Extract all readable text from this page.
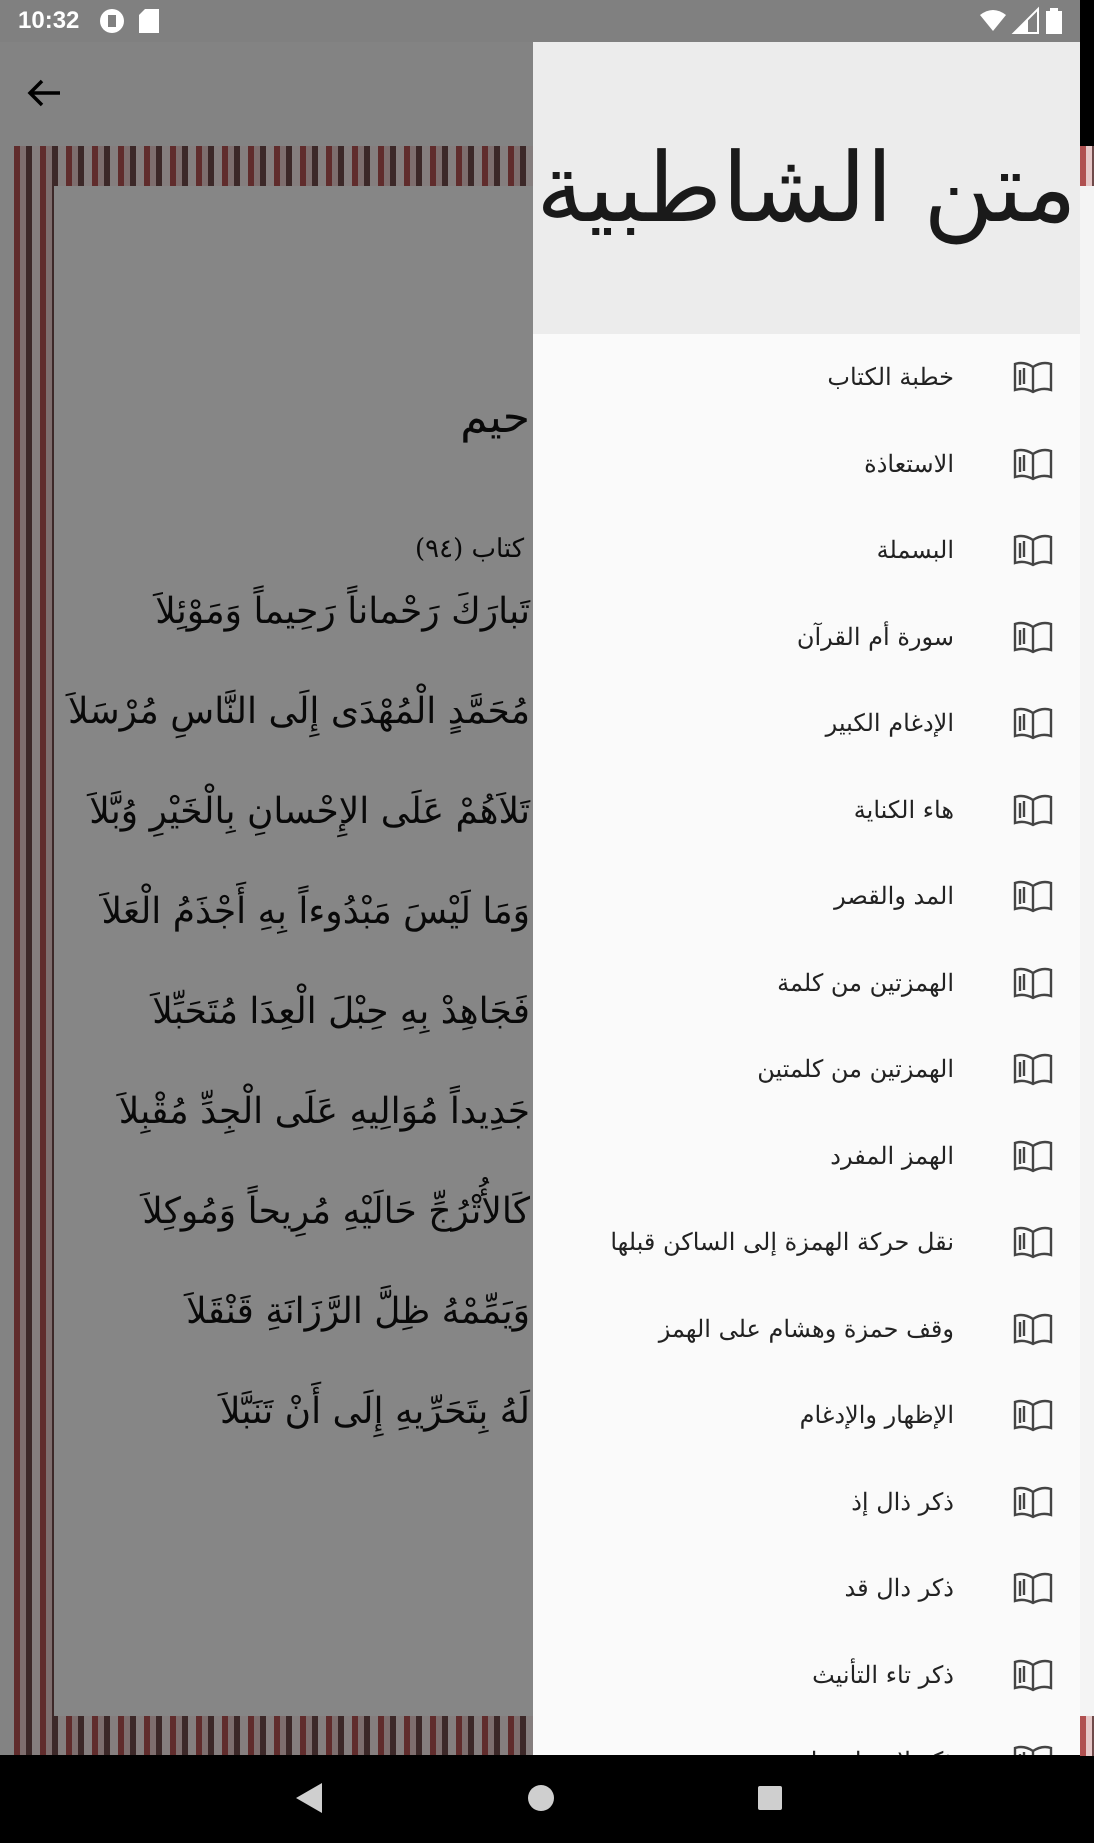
10:32
حيم
كتاب (٩٤)
تَبارَكَ رَحْماناً رَحِيماً وَمَوْئِلاَ
مُحَمَّدٍ الْمُهْدَى إِلَى النَّاسِ مُرْسَلاَ
تَلاَهُمْ عَلَى الإِحْسانِ بِالْخَيْرِ وُبَّلاَ
وَمَا لَيْسَ مَبْدُوءاً بِهِ أَجْذَمُ الْعَلاَ
فَجَاهِدْ بِهِ حِبْلَ الْعِدَا مُتَحَبِّلاَ
جَدِيداً مُوَالِيهِ عَلَى الْجِدِّ مُقْبِلاَ
كَالأُتْرُجِّ حَالَيْهِ مُرِيحاً وَمُوكِلاَ
وَيَمِّمْهُ ظِلَّ الرَّزَانَةِ قَنْقَلاَ
لَهُ بِتَحَرِّيهِ إِلَى أَنْ تَنَبَّلاَ
متن الشاطبية
خطبة الكتاب
الاستعاذة
البسملة
سورة أم القرآن
الإدغام الكبير
هاء الكناية
المد والقصر
الهمزتين من كلمة
الهمزتين من كلمتين
الهمز المفرد
نقل حركة الهمزة إلى الساكن قبلها
وقف حمزة وهشام على الهمز
الإظهار والإدغام
ذكر ذال إذ
ذكر دال قد
ذكر تاء التأنيث
